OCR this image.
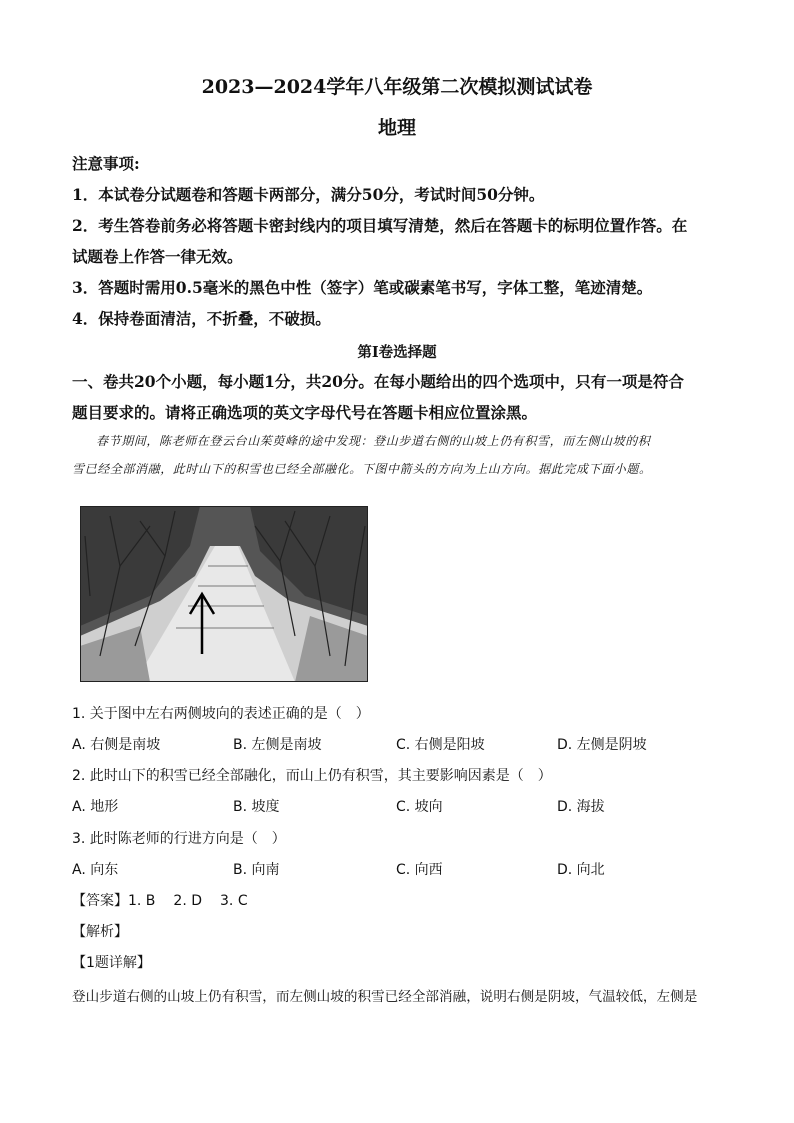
2023—2024学年八年级第二次模拟测试试卷
地理
注意事项:
1．本试卷分试题卷和答题卡两部分，满分50分，考试时间50分钟。
2．考生答卷前务必将答题卡密封线内的项目填写清楚，然后在答题卡的标明位置作答。在
试题卷上作答一律无效。
3．答题时需用0.5毫米的黑色中性（签字）笔或碳素笔书写，字体工整，笔迹清楚。
4．保持卷面清洁，不折叠，不破损。
第Ⅰ卷选择题
一、卷共20个小题，每小题1分，共20分。在每小题给出的四个选项中，只有一项是符合
题目要求的。请将正确选项的英文字母代号在答题卡相应位置涂黑。
春节期间，陈老师在登云台山茱萸峰的途中发现：登山步道右侧的山坡上仍有积雪，而左侧山坡的积
雪已经全部消融，此时山下的积雪也已经全部融化。下图中箭头的方向为上山方向。据此完成下面小题。
1. 关于图中左右两侧坡向的表述正确的是（　）
A. 右侧是南坡	B. 左侧是南坡	C. 右侧是阳坡	D. 左侧是阴坡
2. 此时山下的积雪已经全部融化，而山上仍有积雪，其主要影响因素是（　）
A. 地形	B. 坡度	C. 坡向	D. 海拔
3. 此时陈老师的行进方向是（　）
A. 向东	B. 向南	C. 向西	D. 向北
【答案】1. B 2. D 3. C
【解析】
【1题详解】
登山步道右侧的山坡上仍有积雪，而左侧山坡的积雪已经全部消融，说明右侧是阴坡，气温较低，左侧是
